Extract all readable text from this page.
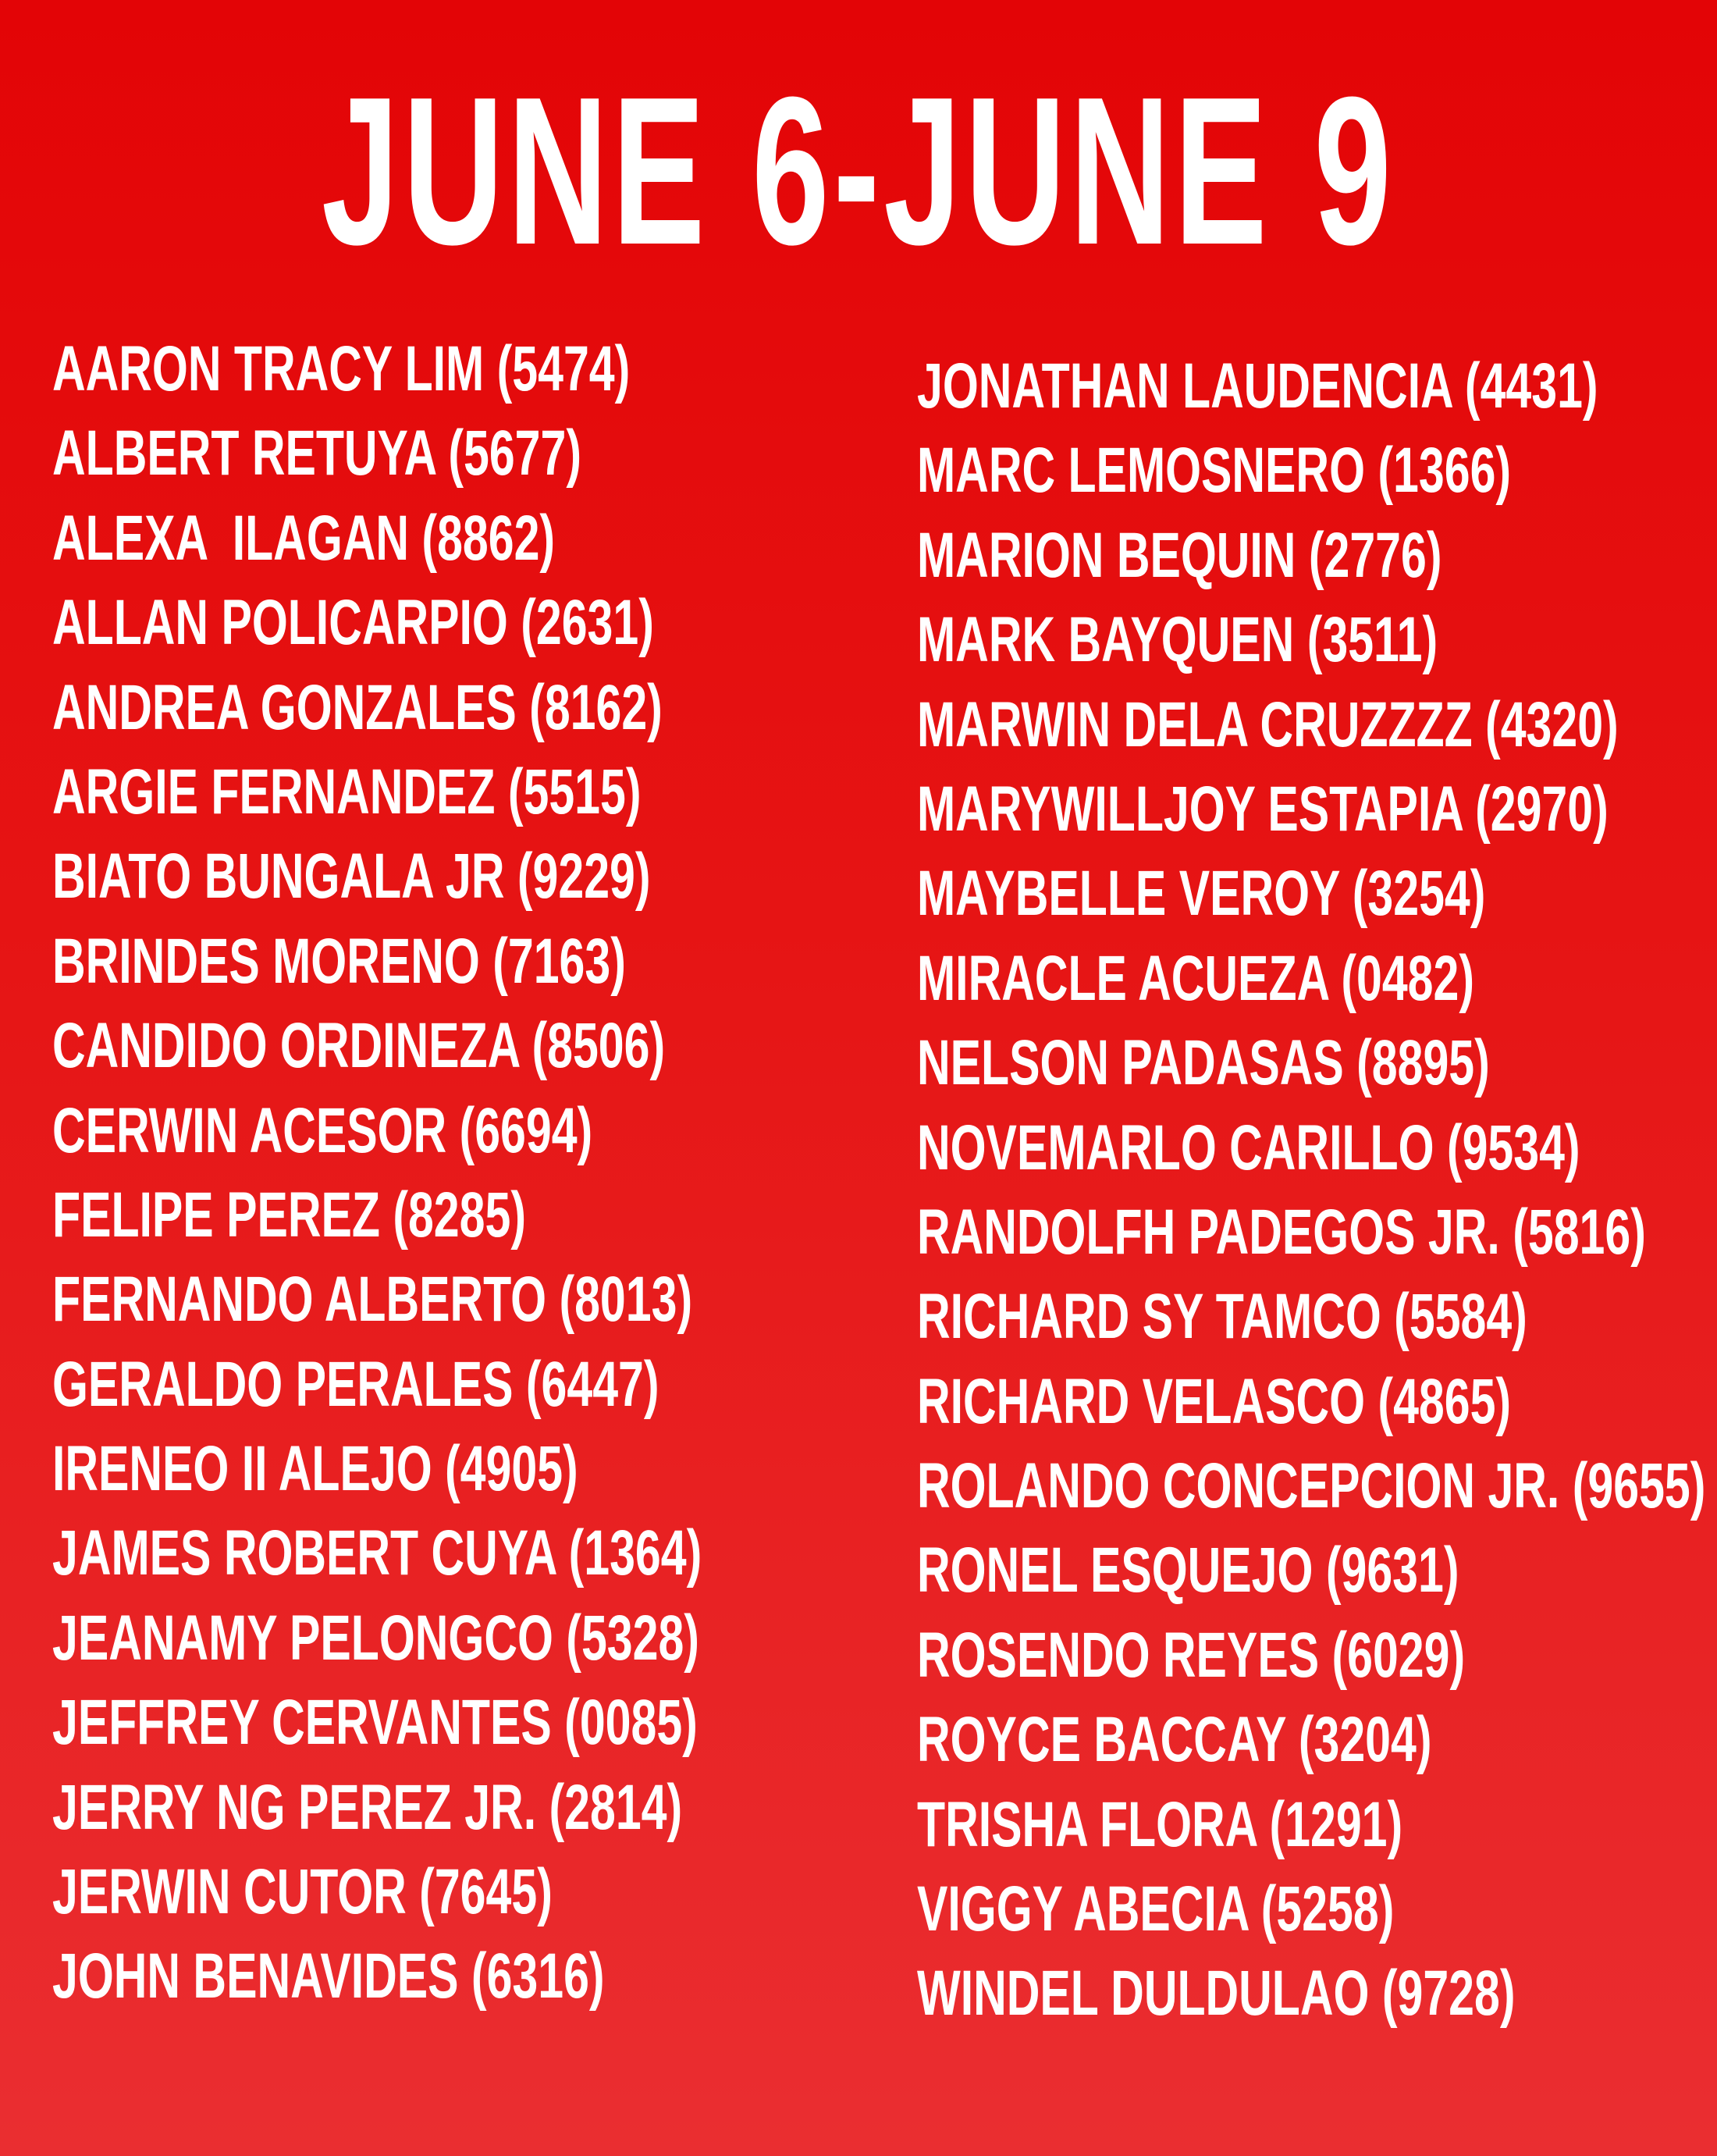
JUNE 6-JUNE 9
AARON TRACY LIM (5474)
ALBERT RETUYA (5677)
ALEXA  ILAGAN (8862)
ALLAN POLICARPIO (2631)
ANDREA GONZALES (8162)
ARGIE FERNANDEZ (5515)
BIATO BUNGALA JR (9229)
BRINDES MORENO (7163)
CANDIDO ORDINEZA (8506)
CERWIN ACESOR (6694)
FELIPE PEREZ (8285)
FERNANDO ALBERTO (8013)
GERALDO PERALES (6447)
IRENEO II ALEJO (4905)
JAMES ROBERT CUYA (1364)
JEANAMY PELONGCO (5328)
JEFFREY CERVANTES (0085)
JERRY NG PEREZ JR. (2814)
JERWIN CUTOR (7645)
JOHN BENAVIDES (6316)
JONATHAN LAUDENCIA (4431)
MARC LEMOSNERO (1366)
MARION BEQUIN (2776)
MARK BAYQUEN (3511)
MARWIN DELA CRUZZZZ (4320)
MARYWILLJOY ESTAPIA (2970)
MAYBELLE VEROY (3254)
MIRACLE ACUEZA (0482)
NELSON PADASAS (8895)
NOVEMARLO CARILLO (9534)
RANDOLFH PADEGOS JR. (5816)
RICHARD SY TAMCO (5584)
RICHARD VELASCO (4865)
ROLANDO CONCEPCION JR. (9655)
RONEL ESQUEJO (9631)
ROSENDO REYES (6029)
ROYCE BACCAY (3204)
TRISHA FLORA (1291)
VIGGY ABECIA (5258)
WINDEL DULDULAO (9728)
